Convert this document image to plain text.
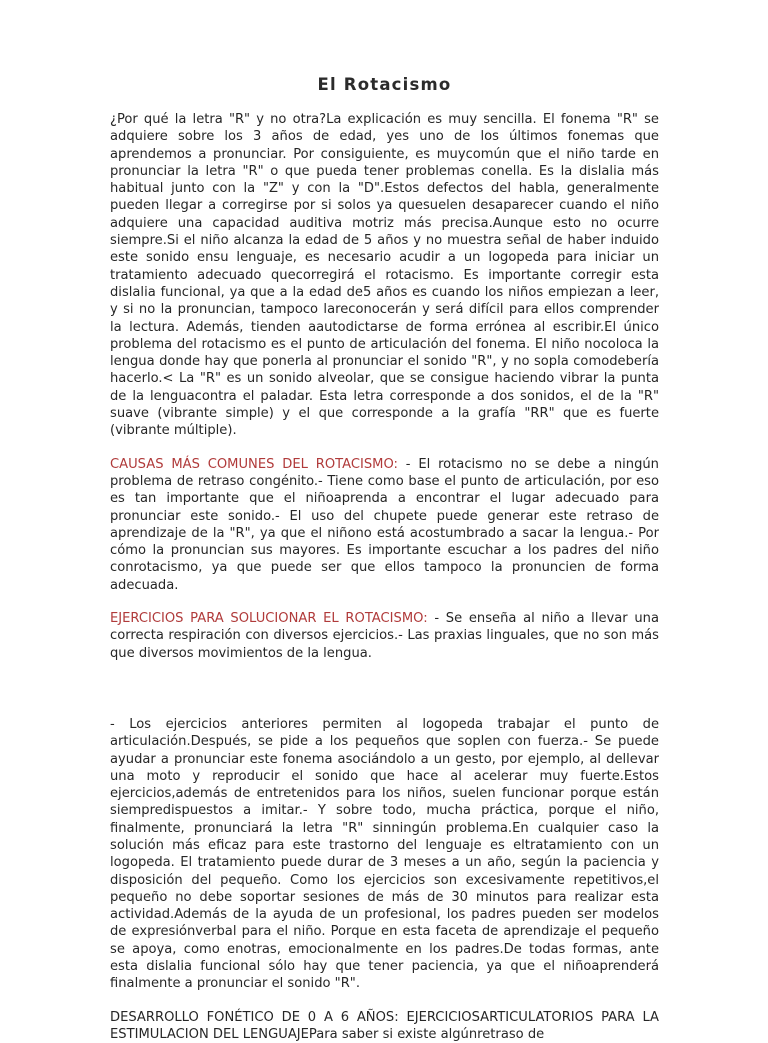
El Rotacismo

¿Por qué la letra "R" y no otra?La explicación es muy sencilla. El fonema "R" se adquiere sobre los 3 años de edad, yes uno de los últimos fonemas que aprendemos a pronunciar. Por consiguiente, es muycomún que el niño tarde en pronunciar la letra "R" o que pueda tener problemas conella. Es la dislalia más habitual junto con la "Z" y con la "D".Estos defectos del habla, generalmente pueden llegar a corregirse por si solos ya quesuelen desaparecer cuando el niño adquiere una capacidad auditiva motriz más precisa.Aunque esto no ocurre siempre.Si el niño alcanza la edad de 5 años y no muestra señal de haber induido este sonido ensu lenguaje, es necesario acudir a un logopeda para iniciar un tratamiento adecuado quecorregirá el rotacismo. Es importante corregir esta dislalia funcional, ya que a la edad de5 años es cuando los niños empiezan a leer, y si no la pronuncian, tampoco lareconocerán y será difícil para ellos comprender la lectura. Además, tienden aautodictarse de forma errónea al escribir.El único problema del rotacismo es el punto de articulación del fonema. El niño nocoloca la lengua donde hay que ponerla al pronunciar el sonido "R", y no sopla comodebería hacerlo.< La "R" es un sonido alveolar, que se consigue haciendo vibrar la punta de la lenguacontra el paladar. Esta letra corresponde a dos sonidos, el de la "R" suave (vibrante simple) y el que corresponde a la grafía "RR" que es fuerte (vibrante múltiple).

CAUSAS MÁS COMUNES DEL ROTACISMO: - El rotacismo no se debe a ningún problema de retraso congénito.- Tiene como base el punto de articulación, por eso es tan importante que el niñoaprenda a encontrar el lugar adecuado para pronunciar este sonido.- El uso del chupete puede generar este retraso de aprendizaje de la "R", ya que el niñono está acostumbrado a sacar la lengua.- Por cómo la pronuncian sus mayores. Es importante escuchar a los padres del niño conrotacismo, ya que puede ser que ellos tampoco la pronuncien de forma adecuada.

EJERCICIOS PARA SOLUCIONAR EL ROTACISMO: - Se enseña al niño a llevar una correcta respiración con diversos ejercicios.- Las praxias linguales, que no son más que diversos movimientos de la lengua.

- Los ejercicios anteriores permiten al logopeda trabajar el punto de articulación.Después, se pide a los pequeños que soplen con fuerza.- Se puede ayudar a pronunciar este fonema asociándolo a un gesto, por ejemplo, al dellevar una moto y reproducir el sonido que hace al acelerar muy fuerte.Estos ejercicios,además de entretenidos para los niños, suelen funcionar porque están siempredispuestos a imitar.- Y sobre todo, mucha práctica, porque el niño, finalmente, pronunciará la letra "R" sinningún problema.En cualquier caso la solución más eficaz para este trastorno del lenguaje es eltratamiento con un logopeda. El tratamiento puede durar de 3 meses a un año, según la paciencia y disposición del pequeño. Como los ejercicios son excesivamente repetitivos,el pequeño no debe soportar sesiones de más de 30 minutos para realizar esta actividad.Además de la ayuda de un profesional, los padres pueden ser modelos de expresiónverbal para el niño. Porque en esta faceta de aprendizaje el pequeño se apoya, como enotras, emocionalmente en los padres.De todas formas, ante esta dislalia funcional sólo hay que tener paciencia, ya que el niñoaprenderá finalmente a pronunciar el sonido "R".

DESARROLLO FONÉTICO DE 0 A 6 AÑOS: EJERCICIOSARTICULATORIOS PARA LA ESTIMULACION DEL LENGUAJEPara saber si existe algúnretraso de
